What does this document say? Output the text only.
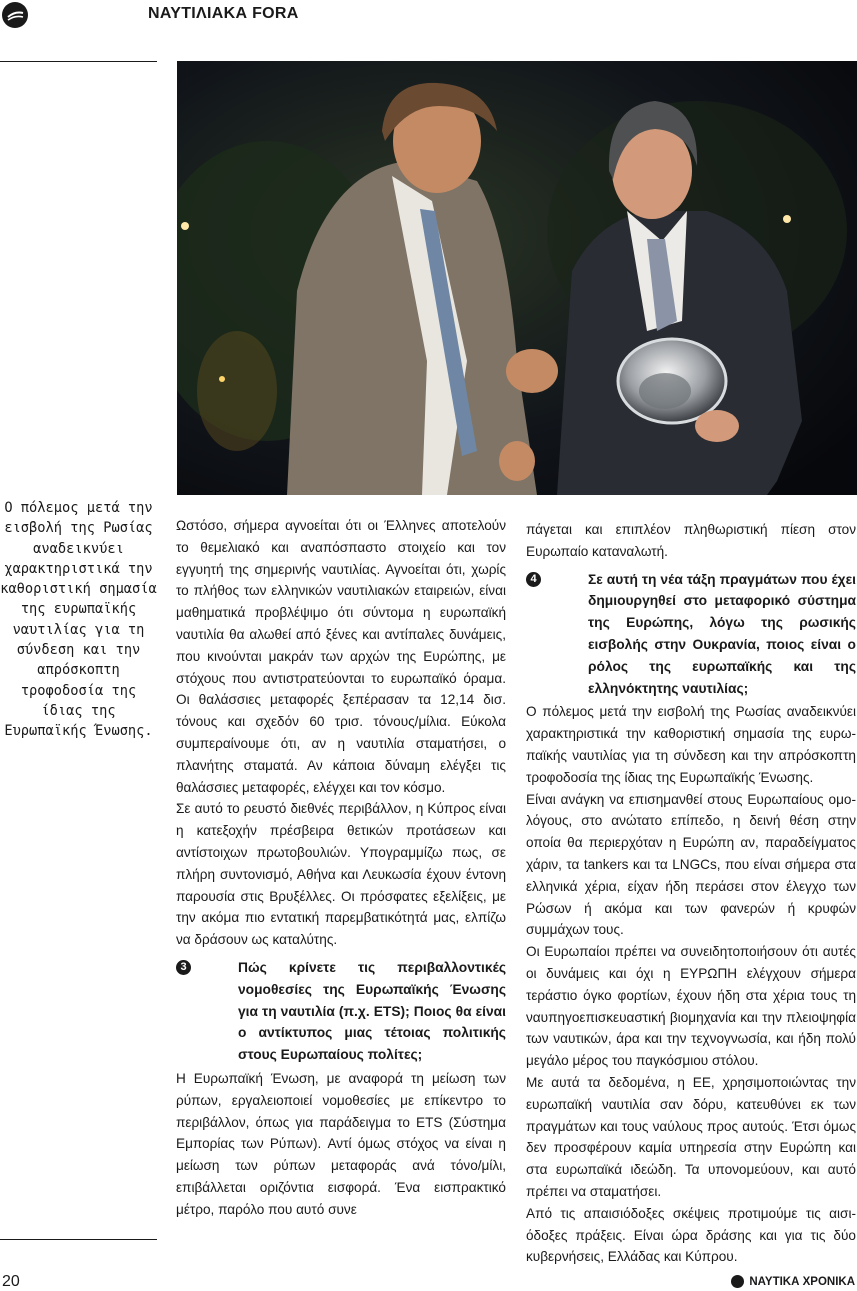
ΝΑΥΤΙΛΙΑΚΑ FORA
Ο πόλεμος μετά την εισβολή της Ρωσίας αναδεικνύει χαρακτηριστικά την καθοριστική σημασία της ευρωπαϊκής ναυτιλίας για τη σύνδεση και την απρόσκοπτη τροφοδοσία της ίδιας της Ευρωπαϊκής Ένωσης.

Ωστόσο, σήμερα αγνοείται ότι οι Έλληνες αποτελούν το θεμελιακό και αναπόσπαστο στοιχείο και τον εγγυητή της σημερινής ναυτιλίας. Αγνοείται ότι, χωρίς το πλήθος των ελληνικών ναυτιλιακών εταιρειών, είναι μαθηματικά προβλέψιμο ότι σύντομα η ευρωπαϊκή ναυτιλία θα αλωθεί από ξένες και αντίπαλες δυνάμεις, που κινούνται μακράν των αρχών της Ευρώπης, με στόχους που αντιστρατεύονται το ευρωπαϊκό όραμα. Οι θαλάσσιες μεταφορές ξεπέρασαν τα 12,14 δισ. τόνους και σχεδόν 60 τρισ. τόνους/μίλια. Εύκολα συμπεραίνουμε ότι, αν η ναυτιλία σταματήσει, ο πλανήτης σταματά. Αν κάποια δύναμη ελέγξει τις θαλάσσιες μεταφορές, ελέγχει και τον κόσμο.

Σε αυτό το ρευστό διεθνές περιβάλλον, η Κύπρος είναι η κατεξοχήν πρέσβειρα θετικών προτάσεων και αντίστοιχων πρωτοβουλιών. Υπογραμμίζω πως, σε πλήρη συντονισμό, Αθήνα και Λευκωσία έχουν έντονη παρουσία στις Βρυξέλλες. Οι πρόσφατες εξελίξεις, με την ακόμα πιο εντατική παρεμβατικότητά μας, ελπίζω να δράσουν ως καταλύτης.

3	Πώς κρίνετε τις περιβαλλοντικές νομοθεσίες της Ευρωπαϊκής Ένωσης για τη ναυτιλία (π.χ. ETS); Ποιος θα είναι ο αντίκτυπος μιας τέτοιας πολιτικής στους Ευρωπαίους πολίτες;

Η Ευρωπαϊκή Ένωση, με αναφορά τη μείωση των ρύπων, εργαλειοποιεί νομοθεσίες με επίκεντρο το περιβάλλον, όπως για παράδειγμα το ETS (Σύστημα Εμπορίας των Ρύπων). Αντί όμως στόχος να είναι η μείωση των ρύπων μεταφοράς ανά τόνο/μίλι, επιβάλλεται οριζόντια εισφορά. Ένα εισπρακτικό μέτρο, παρόλο που αυτό συνε

πάγεται και επιπλέον πληθωριστική πίεση στον Ευρωπαίο καταναλωτή.

4	Σε αυτή τη νέα τάξη πραγμάτων που έχει δημιουργηθεί στο μεταφορικό σύστημα της Ευρώπης, λόγω της ρωσικής εισβολής στην Ουκρανία, ποιος είναι ο ρόλος της ευρωπαϊκής και της ελληνόκτητης ναυτιλίας;

Ο πόλεμος μετά την εισβολή της Ρωσίας αναδεικνύει χαρακτηριστικά την καθοριστική σημασία της ευρωπαϊκής ναυτιλίας για τη σύνδεση και την απρόσκοπτη τροφοδοσία της ίδιας της Ευρωπαϊκής Ένωσης.

Είναι ανάγκη να επισημανθεί στους Ευρωπαίους ομολόγους, στο ανώτατο επίπεδο, η δεινή θέση στην οποία θα περιερχόταν η Ευρώπη αν, παραδείγματος χάριν, τα tankers και τα LNGCs, που είναι σήμερα στα ελληνικά χέρια, είχαν ήδη περάσει στον έλεγχο των Ρώσων ή ακόμα και των φανερών ή κρυφών συμμάχων τους.

Οι Ευρωπαίοι πρέπει να συνειδητοποιήσουν ότι αυτές οι δυνάμεις και όχι η ΕΥΡΩΠΗ ελέγχουν σήμερα τεράστιο όγκο φορτίων, έχουν ήδη στα χέρια τους τη ναυπηγοεπισκευαστική βιομηχανία και την πλειοψηφία των ναυτικών, άρα και την τεχνογνωσία, και ήδη πολύ μεγάλο μέρος του παγκόσμιου στόλου.

Με αυτά τα δεδομένα, η ΕΕ, χρησιμοποιώντας την ευρωπαϊκή ναυτιλία σαν δόρυ, κατευθύνει εκ των πραγμάτων και τους ναύλους προς αυτούς. Έτσι όμως δεν προσφέρουν καμία υπηρεσία στην Ευρώπη και στα ευρωπαϊκά ιδεώδη. Τα υπονομεύουν, και αυτό πρέπει να σταματήσει.

Από τις απαισιόδοξες σκέψεις προτιμούμε τις αισιόδοξες πράξεις. Είναι ώρα δράσης και για τις δύο κυβερνήσεις, Ελλάδας και Κύπρου.

20	ΝΑΥΤΙΚΑ ΧΡΟΝΙΚΑ
